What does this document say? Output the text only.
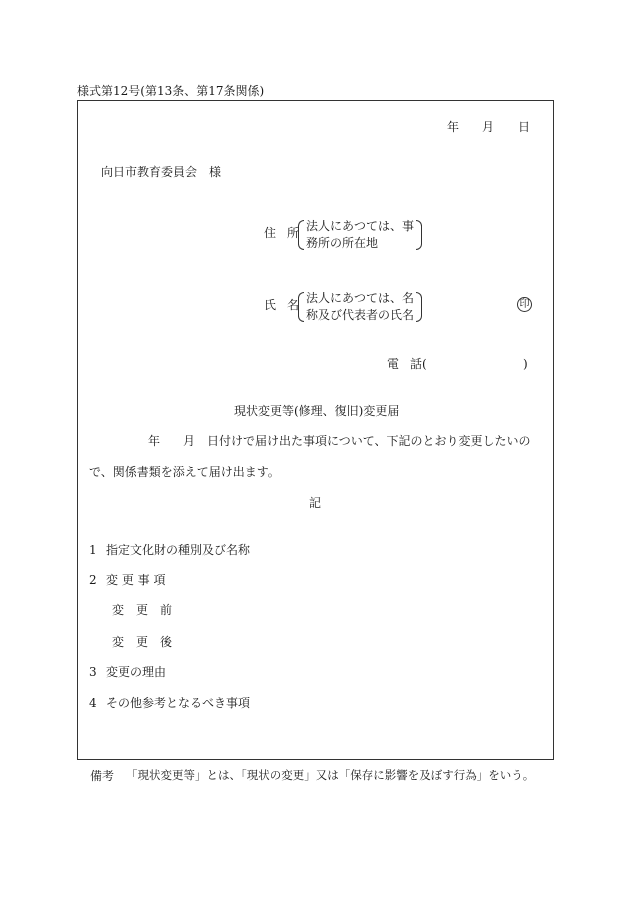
様式第12号(第13条、第17条関係)
年 月 日
向日市教育委員会　様
住 所 法人にあつては、事
務所の所在地
氏 名 法人にあつては、名
称及び代表者の氏名
印
電 話(	)
現状変更等(修理、復旧)変更届
年 月 日付けで届け出た事項について、下記のとおり変更したいの
で、関係書類を添えて届け出ます。
記
1 指定文化財の種別及び名称
2 変 更 事 項
変　更　前
変　更　後
3 変更の理由
4 その他参考となるべき事項
備考 「現状変更等」とは、「現状の変更」又は「保存に影響を及ぼす行為」をいう。
